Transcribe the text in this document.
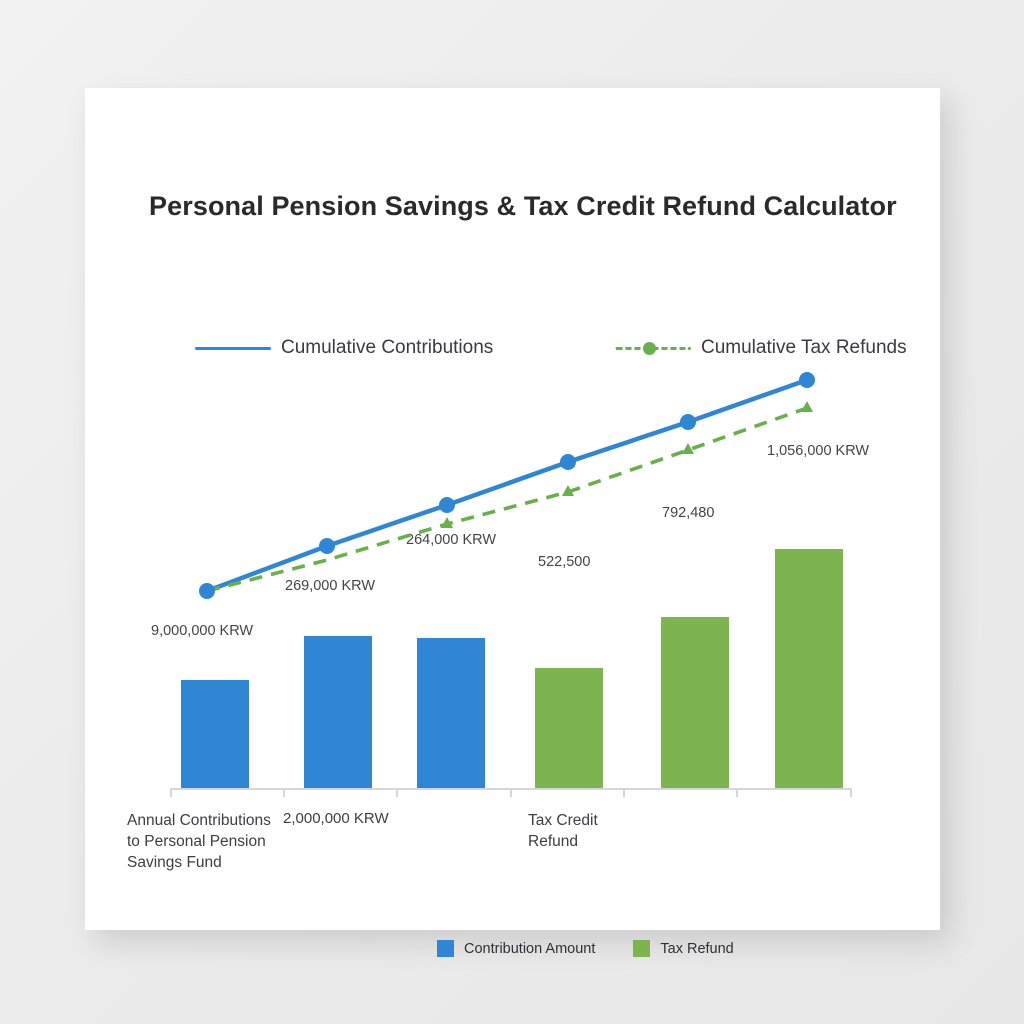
Personal Pension Savings & Tax Credit Refund Calculator
Cumulative Contributions	Cumulative Tax Refunds
9,000,000 KRW
269,000 KRW
264,000 KRW
522,500
792,480
1,056,000 KRW
Annual Contributions
to Personal Pension
Savings Fund
2,000,000 KRW	Tax Credit
Refund
Contribution Amount	Tax Refund
